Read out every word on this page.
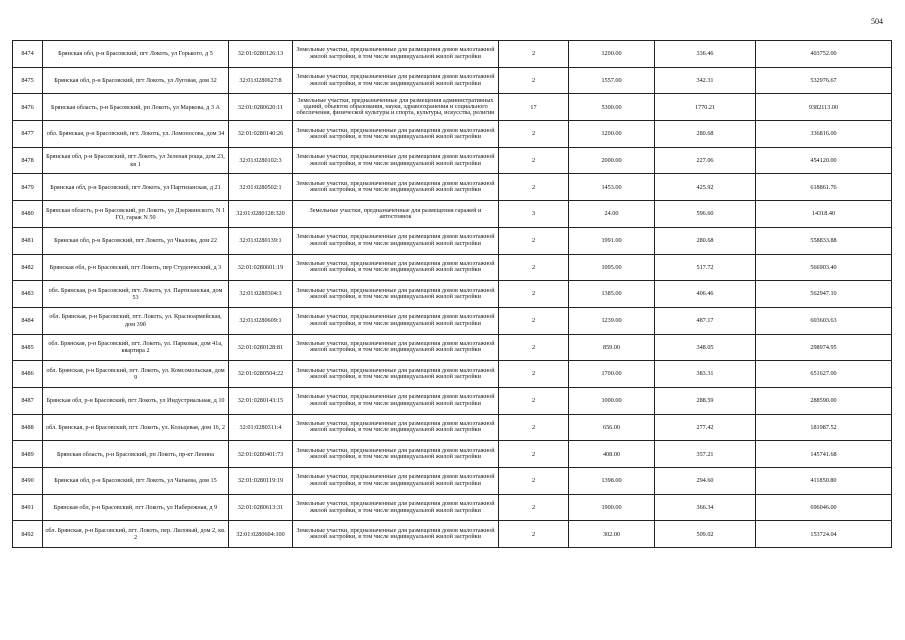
504
8474	Брянская обл, р-н Брасовский, пгт Локоть, ул Горького, д 5	32:01:0280126:13	Земельные участки, предназначенные для размещения домов малоэтажной жилой застройки, в том числе индивидуальной жилой застройки	2	1200.00	336.46	403752.00
8475	Брянская обл, р-н Брасовский, пгт Локоть, ул Луговая, дом 32	32:01:0280627:8	Земельные участки, предназначенные для размещения домов малоэтажной жилой застройки, в том числе индивидуальной жилой застройки	2	1557.00	342.31	532976.67
8476	Брянская область, р-н Брасовский, рп Локоть, ул Маркова, д 3 А	32:01:0280620:11	Земельные участки, предназначенные для размещения административных зданий, объектов образования, науки, здравоохранения и социального обеспечения, физической культуры и спорта, культуры, искусства, религии	17	5300.00	1770.21	9382113.00
8477	обл. Брянская, р-н Брасовский, пгт. Локоть, ул. Ломоносова, дом 34	32:01:0280140:26	Земельные участки, предназначенные для размещения домов малоэтажной жилой застройки, в том числе индивидуальной жилой застройки	2	1200.00	280.68	336816.00
8478	Брянская обл, р-н Брасовский, пгт Локоть, ул Зеленая роща, дом 23, кв 1	32:01:0280102:3	Земельные участки, предназначенные для размещения домов малоэтажной жилой застройки, в том числе индивидуальной жилой застройки	2	2000.00	227.06	454120.00
8479	Брянская обл, р-н Брасовский, пгт Локоть, ул Партизанская, д 21	32:01:0280502:1	Земельные участки, предназначенные для размещения домов малоэтажной жилой застройки, в том числе индивидуальной жилой застройки	2	1453.00	425.92	618861.76
8480	Брянская область, р-н Брасовский, рп Локоть, ул Дзержинского, N 1 ГО, гараж N 50	32:01:0280128:320	Земельные участки, предназначенные для размещения гаражей и автостоянок	3	24.00	596.60	14318.40
8481	Брянская обл, р-н Брасовский, пгт Локоть, ул Чкалова, дом 22	32:01:0280139:1	Земельные участки, предназначенные для размещения домов малоэтажной жилой застройки, в том числе индивидуальной жилой застройки	2	1991.00	280.68	558833.88
8482	Брянская обл, р-н Брасовский, пгт Локоть, пер Студенческий, д 3	32:01:0280601:19	Земельные участки, предназначенные для размещения домов малоэтажной жилой застройки, в том числе индивидуальной жилой застройки	2	1095.00	517.72	566903.40
8483	обл. Брянская, р-н Брасовский, пгт. Локоть, ул. Партизанская, дом 53	32:01:0280304:3	Земельные участки, предназначенные для размещения домов малоэтажной жилой застройки, в том числе индивидуальной жилой застройки	2	1385.00	406.46	562947.10
8484	обл. Брянская, р-н Брасовский, пгт. Локоть, ул. Красноармейская, дом 39б	32:01:0280609:1	Земельные участки, предназначенные для размещения домов малоэтажной жилой застройки, в том числе индивидуальной жилой застройки	2	1239.00	487.17	603603.63
8485	обл. Брянская, р-н Брасовский, пгт. Локоть, ул. Парковая, дом 41а, квартира 2	32:01:0280128:81	Земельные участки, предназначенные для размещения домов малоэтажной жилой застройки, в том числе индивидуальной жилой застройки	2	859.00	348.05	298974.95
8486	обл. Брянская, р-н Брасовский, пгт. Локоть, ул. Комсомольская, дом 9	32:01:0280504:22	Земельные участки, предназначенные для размещения домов малоэтажной жилой застройки, в том числе индивидуальной жилой застройки	2	1700.00	383.31	651627.00
8487	Брянская обл, р-н Брасовский, пгт Локоть, ул Индустриальная, д 10	32:01:0280143:15	Земельные участки, предназначенные для размещения домов малоэтажной жилой застройки, в том числе индивидуальной жилой застройки	2	1000.00	288.59	288590.00
8488	обл. Брянская, р-н Брасовский, пгт. Локоть, ул. Кольцевая, дом 16, 2	32:01:0280311:4	Земельные участки, предназначенные для размещения домов малоэтажной жилой застройки, в том числе индивидуальной жилой застройки	2	656.00	277.42	181987.52
8489	Брянская область, р-н Брасовский, рп Локоть, пр-кт Ленина	32:01:0280401:73	Земельные участки, предназначенные для размещения домов малоэтажной жилой застройки, в том числе индивидуальной жилой застройки	2	408.00	357.21	145741.68
8490	Брянская обл, р-н Брасовский, пгт Локоть, ул Чапаева, дом 15	32:01:0280119:19	Земельные участки, предназначенные для размещения домов малоэтажной жилой застройки, в том числе индивидуальной жилой застройки	2	1398.00	294.60	411850.80
8491	Брянская обл, р-н Брасовский, пгт Локоть, ул Набережная, д 9	32:01:0280613:31	Земельные участки, предназначенные для размещения домов малоэтажной жилой застройки, в том числе индивидуальной жилой застройки	2	1900.00	366.34	696046.00
8492	обл. Брянская, р-н Брасовский, пгт. Локоть, пер. Лиловый, дом 2, кв. 2	32:01:0280604:100	Земельные участки, предназначенные для размещения домов малоэтажной жилой застройки, в том числе индивидуальной жилой застройки	2	302.00	509.02	153724.04
